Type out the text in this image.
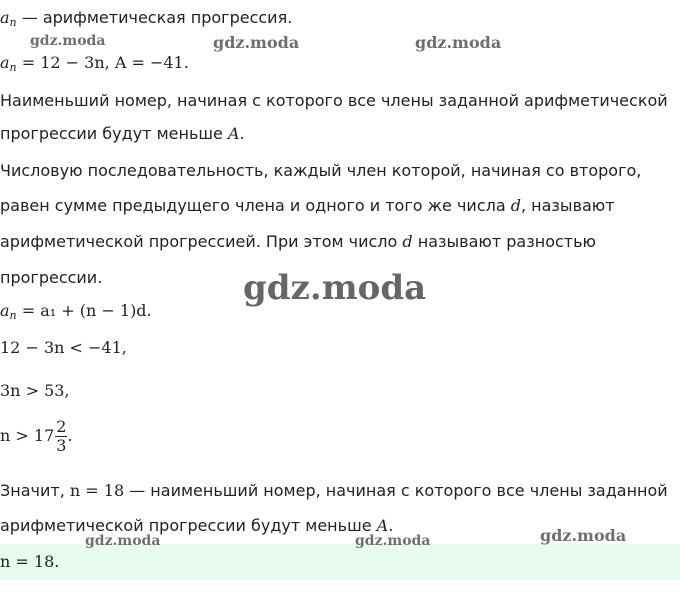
gdz.moda	gdz.moda	gdz.moda
gdz.moda
gdz.moda	gdz.moda	gdz.moda
$a_n$ — арифметическая прогрессия.
$a_n = 12 - 3n$, A = −41.
Наименьший номер, начиная с которого все члены заданной арифметической
прогрессии будут меньше A.
Числовую последовательность, каждый член которой, начиная со второго,
равен сумме предыдущего члена и одного и того же числа d, называют
арифметической прогрессией. При этом число d называют разностью
прогрессии.
$a_n = a_1 + (n - 1)d$.
12 − 3n < −41,
3n > 53,
$n > 17 \frac{2}{3}$ .
Значит, n = 18 — наименьший номер, начиная с которого все члены заданной
арифметической прогрессии будут меньше A.
n = 18.
